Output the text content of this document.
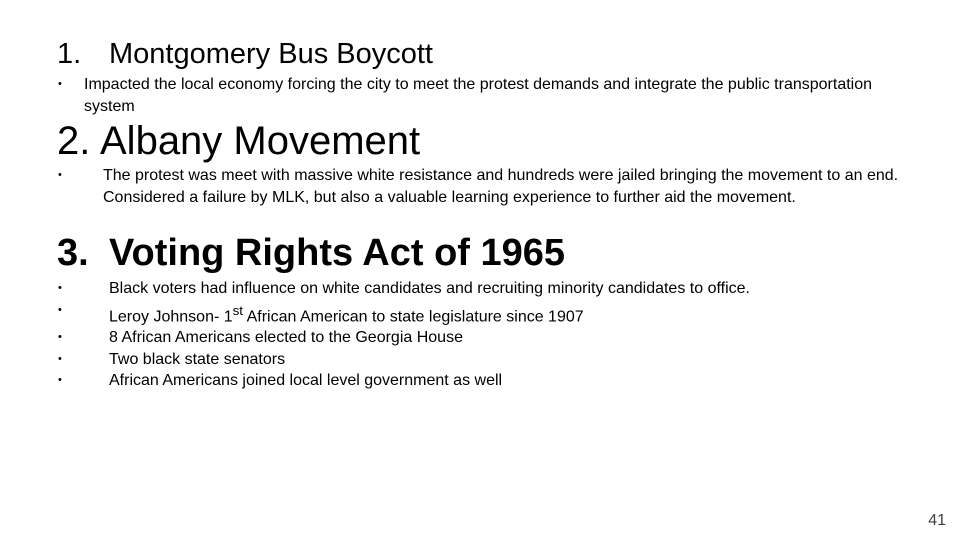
1. Montgomery Bus Boycott
• Impacted the local economy forcing the city to meet the protest demands and integrate the public transportation system
2. Albany Movement
•	The protest was meet with massive white resistance and hundreds were jailed bringing the movement to an end. Considered a failure by MLK, but also a valuable learning experience to further aid the movement.
3. Voting Rights Act of 1965
•	Black voters had influence on white candidates and recruiting minority candidates to office.
•	Leroy Johnson- 1st African American to state legislature since 1907
•	8 African Americans elected to the Georgia House
•	Two black state senators
•	African Americans joined local level government as well
41
